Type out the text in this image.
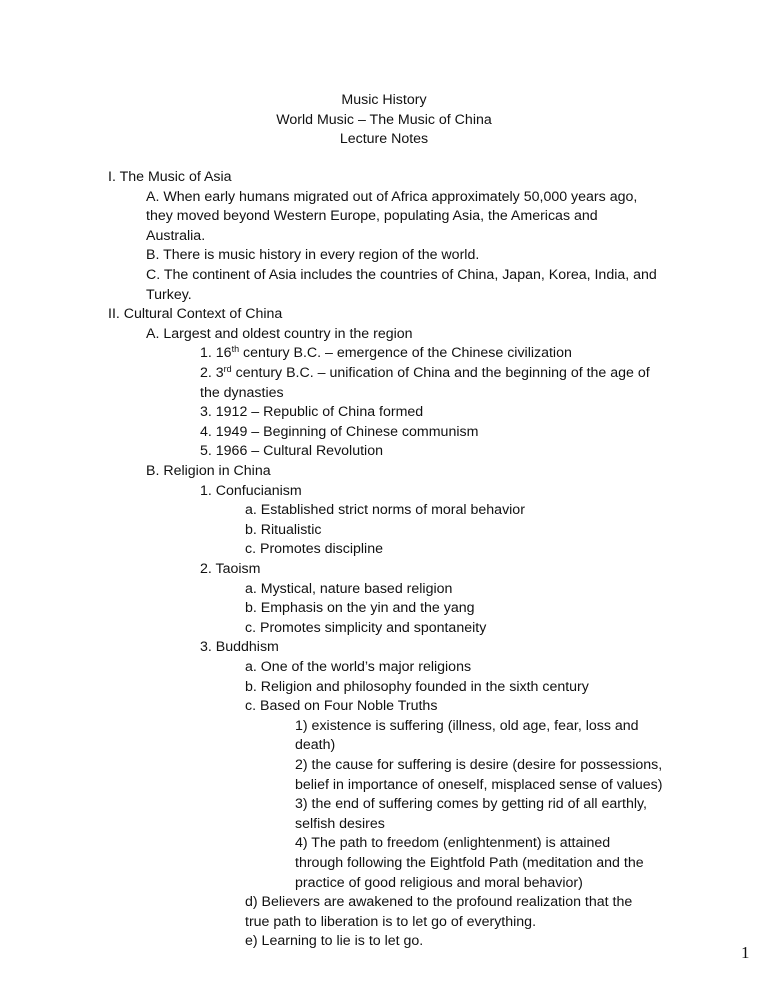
Music History
World Music – The Music of China
Lecture Notes
I. The Music of Asia
A. When early humans migrated out of Africa approximately 50,000 years ago,
they moved beyond Western Europe, populating Asia, the Americas and
Australia.
B. There is music history in every region of the world.
C. The continent of Asia includes the countries of China, Japan, Korea, India, and
Turkey.
II. Cultural Context of China
A. Largest and oldest country in the region
1. 16th century B.C. – emergence of the Chinese civilization
2. 3rd century B.C. – unification of China and the beginning of the age of
the dynasties
3. 1912 – Republic of China formed
4. 1949 – Beginning of Chinese communism
5. 1966 – Cultural Revolution
B. Religion in China
1. Confucianism
a. Established strict norms of moral behavior
b. Ritualistic
c. Promotes discipline
2. Taoism
a. Mystical, nature based religion
b. Emphasis on the yin and the yang
c. Promotes simplicity and spontaneity
3. Buddhism
a. One of the world’s major religions
b. Religion and philosophy founded in the sixth century
c. Based on Four Noble Truths
1) existence is suffering (illness, old age, fear, loss and
death)
2) the cause for suffering is desire (desire for possessions,
belief in importance of oneself, misplaced sense of values)
3) the end of suffering comes by getting rid of all earthly,
selfish desires
4) The path to freedom (enlightenment) is attained
through following the Eightfold Path (meditation and the
practice of good religious and moral behavior)
d) Believers are awakened to the profound realization that the
true path to liberation is to let go of everything.
e) Learning to lie is to let go.
1
